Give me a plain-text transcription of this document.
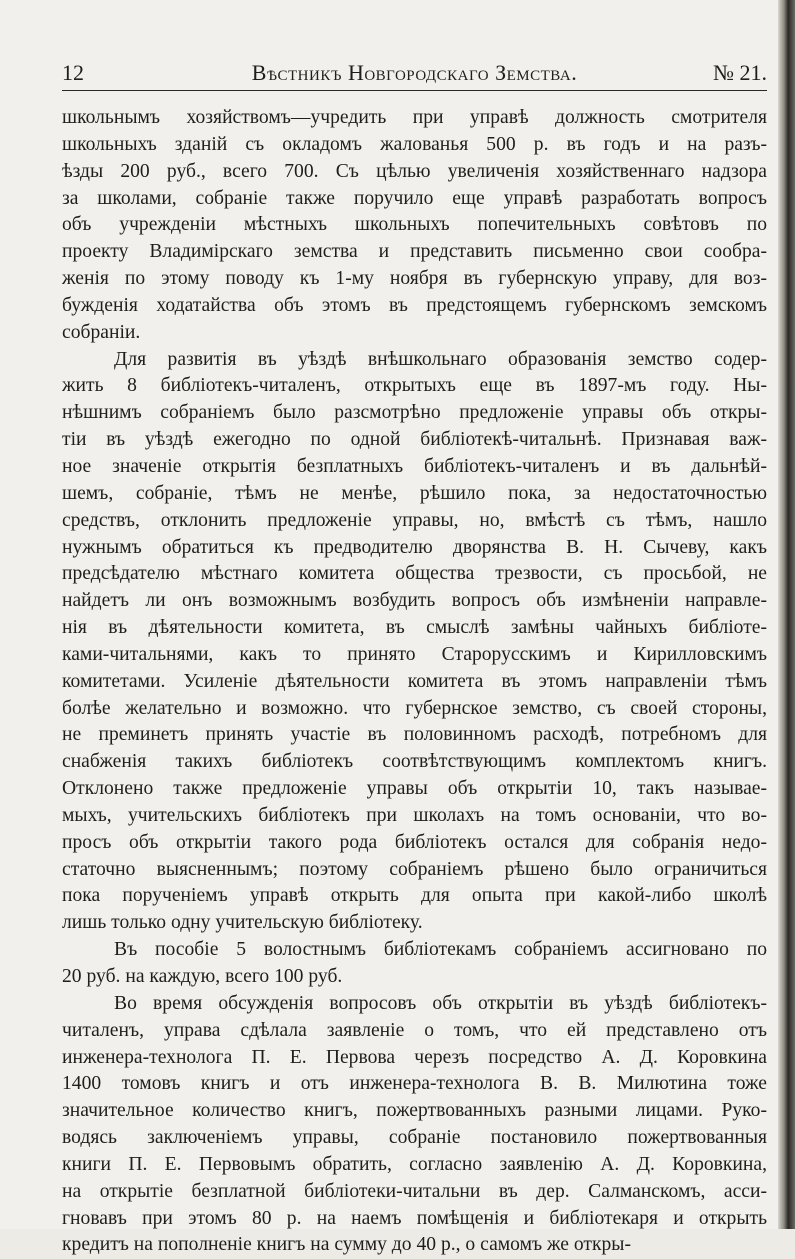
12	Вѣстникъ Новгородскаго Земства.	№ 21.
школьнымъ хозяйствомъ—учредить при управѣ должность смотрителя
школьныхъ зданій съ окладомъ жалованья 500 р. въ годъ и на разъ-
ѣзды 200 руб., всего 700. Съ цѣлью увеличенія хозяйственнаго надзора
за школами, собраніе также поручило еще управѣ разработать вопросъ
объ учрежденіи мѣстныхъ школьныхъ попечительныхъ совѣтовъ по
проекту Владимірскаго земства и представить письменно свои сообра-
женія по этому поводу къ 1-му ноября въ губернскую управу, для воз-
бужденія ходатайства объ этомъ въ предстоящемъ губернскомъ земскомъ
собраніи.
Для развитія въ уѣздѣ внѣшкольнаго образованія земство содер-
жить 8 библіотекъ-читаленъ, открытыхъ еще въ 1897-мъ году. Ны-
нѣшнимъ собраніемъ было разсмотрѣно предложеніе управы объ откры-
тіи въ уѣздѣ ежегодно по одной библіотекѣ-читальнѣ. Признавая важ-
ное значеніе открытія безплатныхъ библіотекъ-читаленъ и въ дальнѣй-
шемъ, собраніе, тѣмъ не менѣе, рѣшило пока, за недостаточностью
средствъ, отклонить предложеніе управы, но, вмѣстѣ съ тѣмъ, нашло
нужнымъ обратиться къ предводителю дворянства В. Н. Сычеву, какъ
предсѣдателю мѣстнаго комитета общества трезвости, съ просьбой, не
найдетъ ли онъ возможнымъ возбудить вопросъ объ измѣненіи направле-
нія въ дѣятельности комитета, въ смыслѣ замѣны чайныхъ библіоте-
ками-читальнями, какъ то принято Старорусскимъ и Кирилловскимъ
комитетами. Усиленіе дѣятельности комитета въ этомъ направленіи тѣмъ
болѣе желательно и возможно. что губернское земство, съ своей стороны,
не преминетъ принять участіе въ половинномъ расходѣ, потребномъ для
снабженія такихъ библіотекъ соотвѣтствующимъ комплектомъ книгъ.
Отклонено также предложеніе управы объ открытіи 10, такъ называе-
мыхъ, учительскихъ библіотекъ при школахъ на томъ основаніи, что во-
просъ объ открытіи такого рода библіотекъ остался для собранія недо-
статочно выясненнымъ; поэтому собраніемъ рѣшено было ограничиться
пока порученіемъ управѣ открыть для опыта при какой-либо школѣ
лишь только одну учительскую библіотеку.
Въ пособіе 5 волостнымъ библіотекамъ собраніемъ ассигновано по
20 руб. на каждую, всего 100 руб.
Во время обсужденія вопросовъ объ открытіи въ уѣздѣ библіотекъ-
читаленъ, управа сдѣлала заявленіе о томъ, что ей представлено отъ
инженера-технолога П. Е. Первова черезъ посредство А. Д. Коровкина
1400 томовъ книгъ и отъ инженера-технолога В. В. Милютина тоже
значительное количество книгъ, пожертвованныхъ разными лицами. Руко-
водясь заключеніемъ управы, собраніе постановило пожертвованныя
книги П. Е. Первовымъ обратить, согласно заявленію А. Д. Коровкина,
на открытіе безплатной библіотеки-читальни въ дер. Салманскомъ, асси-
гновавъ при этомъ 80 р. на наемъ помѣщенія и библіотекаря и открыть
кредитъ на пополненіе книгъ на сумму до 40 р., о самомъ же откры-
